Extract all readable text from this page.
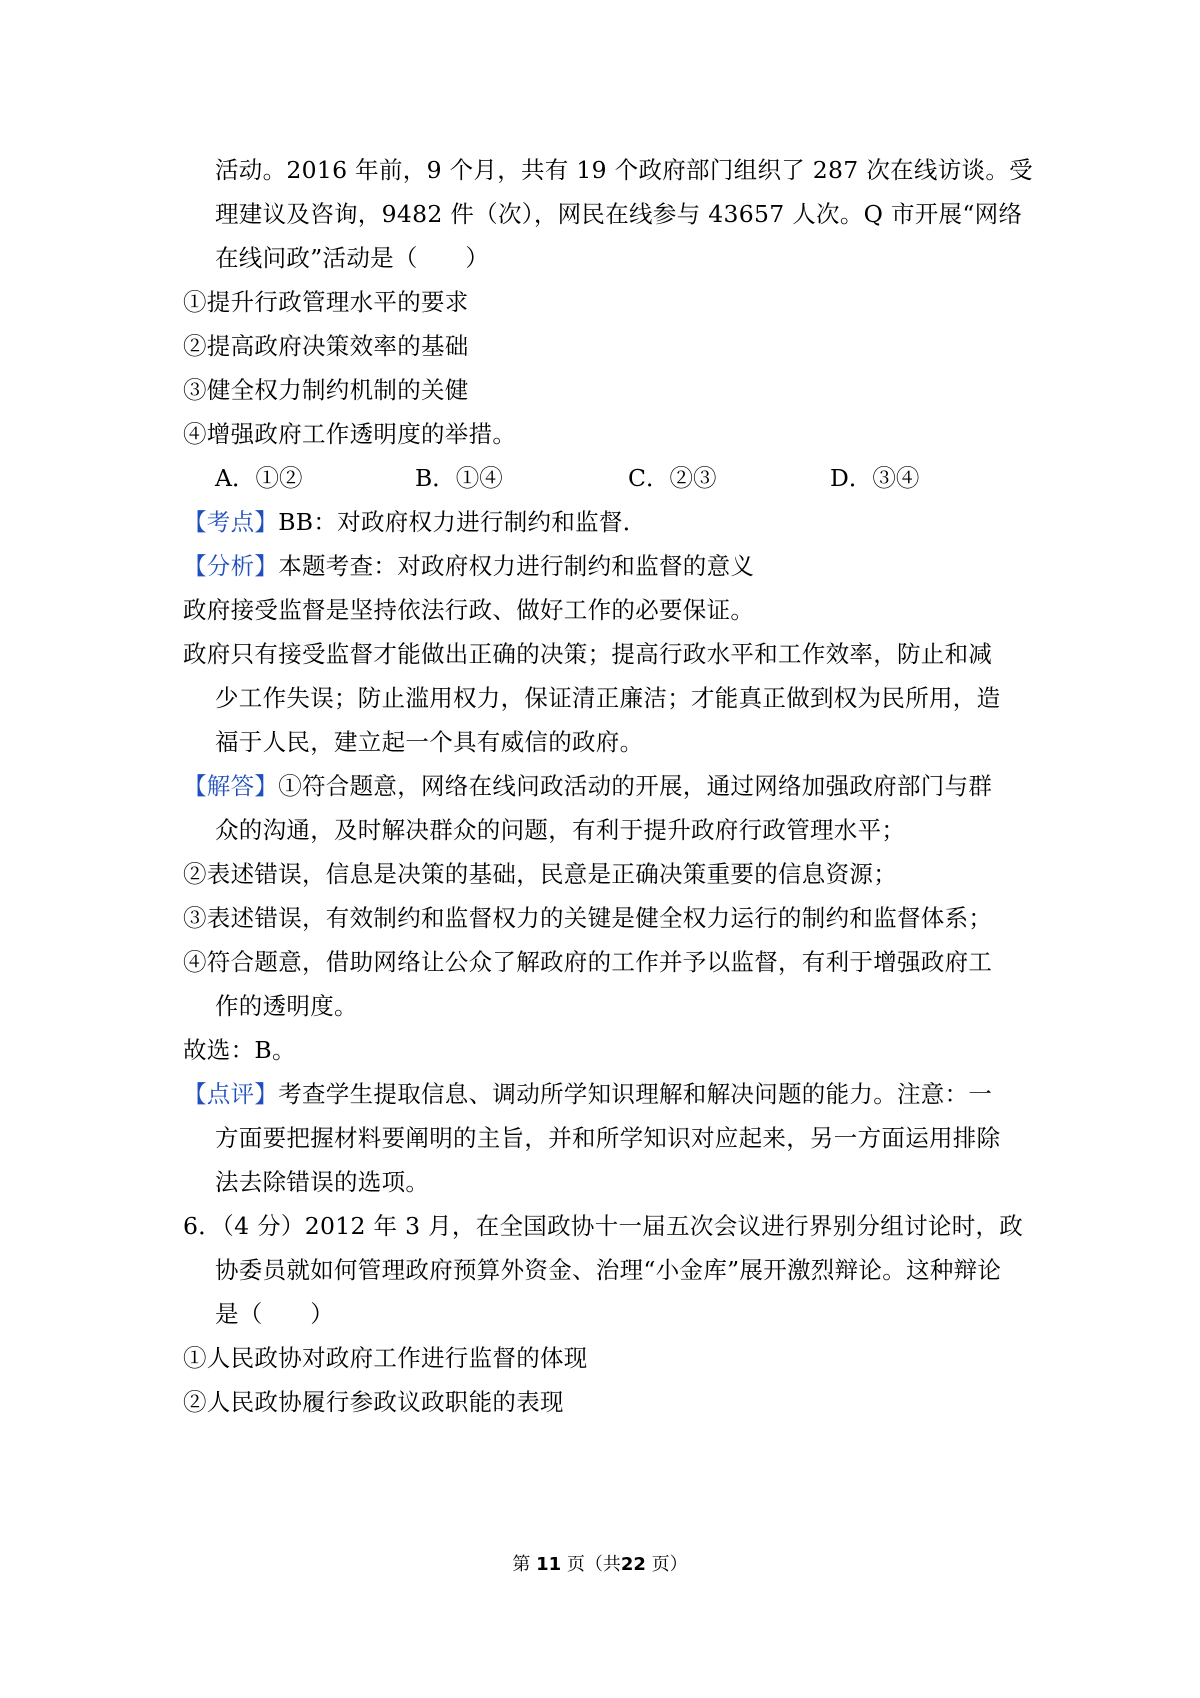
活动。2016 年前，9 个月，共有 19 个政府部门组织了 287 次在线访谈。受
理建议及咨询，9482 件（次），网民在线参与 43657 人次。Q 市开展“网络
在线问政”活动是（　　）
①提升行政管理水平的要求
②提高政府决策效率的基础
③健全权力制约机制的关健
④增强政府工作透明度的举措。
A．①②	B．①④	C．②③	D．③④
【考点】BB：对政府权力进行制约和监督．
【分析】本题考查：对政府权力进行制约和监督的意义
政府接受监督是坚持依法行政、做好工作的必要保证。
政府只有接受监督才能做出正确的决策；提高行政水平和工作效率，防止和减
少工作失误；防止滥用权力，保证清正廉洁；才能真正做到权为民所用，造
福于人民，建立起一个具有威信的政府。
【解答】①符合题意，网络在线问政活动的开展，通过网络加强政府部门与群
众的沟通，及时解决群众的问题，有利于提升政府行政管理水平；
②表述错误，信息是决策的基础，民意是正确决策重要的信息资源；
③表述错误，有效制约和监督权力的关键是健全权力运行的制约和监督体系；
④符合题意，借助网络让公众了解政府的工作并予以监督，有利于增强政府工
作的透明度。
故选：B。
【点评】考查学生提取信息、调动所学知识理解和解决问题的能力。注意：一
方面要把握材料要阐明的主旨，并和所学知识对应起来，另一方面运用排除
法去除错误的选项。
6．（4 分）2012 年 3 月，在全国政协十一届五次会议进行界别分组讨论时，政
协委员就如何管理政府预算外资金、治理“小金库”展开激烈辩论。这种辩论
是（　　）
①人民政协对政府工作进行监督的体现
②人民政协履行参政议政职能的表现
第 11 页（共22 页）
